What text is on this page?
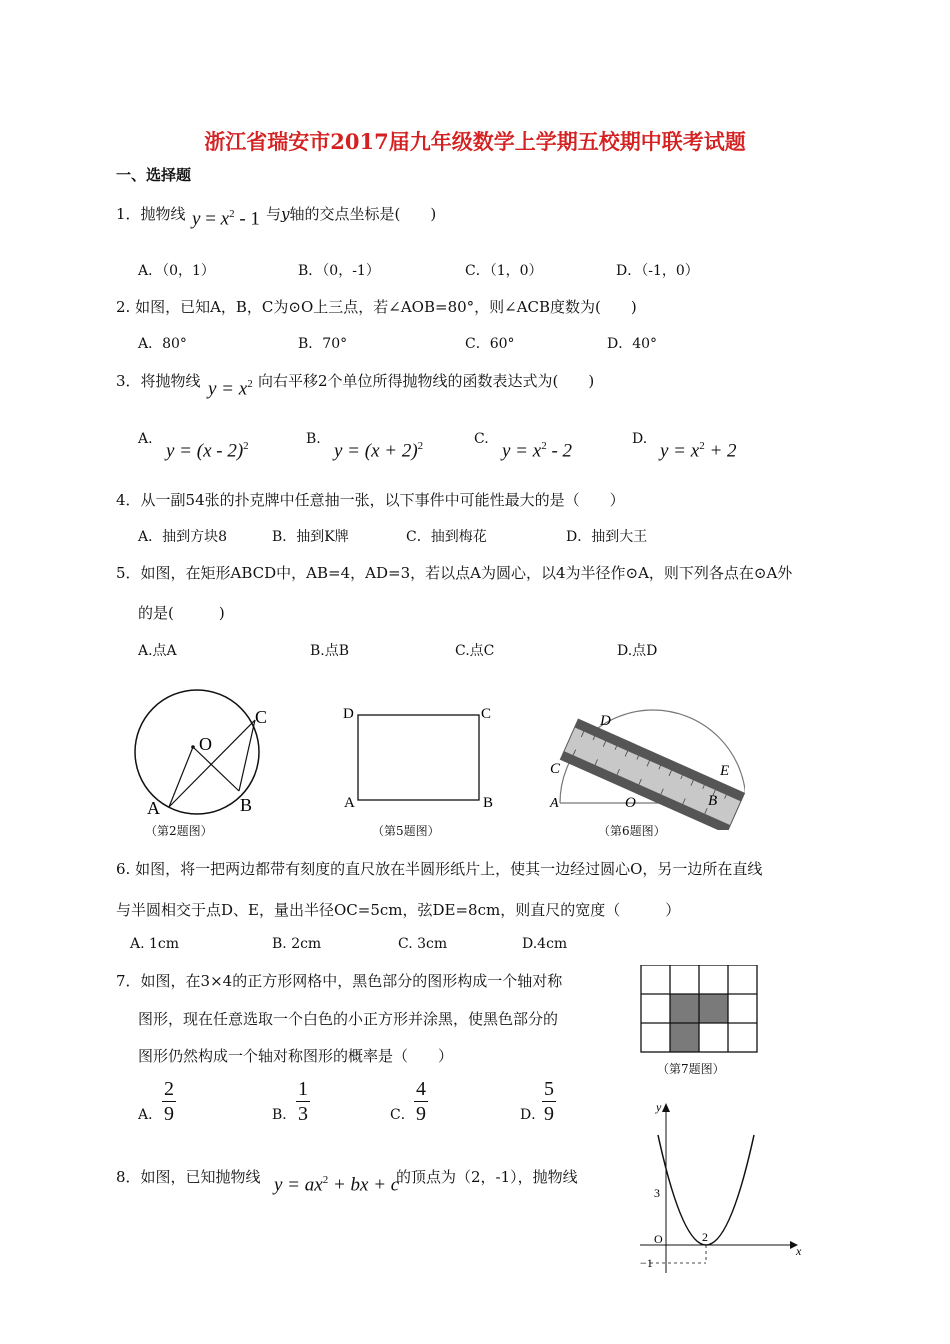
浙江省瑞安市2017届九年级数学上学期五校期中联考试题
一、选择题
1．抛物线 $y = x^2 - 1$ 与y轴的交点坐标是(　　)
A．（0，1）	B．（0，-1）	C．（1，0）	D．（-1，0）
2. 如图，已知A，B，C为⊙O上三点，若∠AOB=80°，则∠ACB度数为(　　)
A．80°	B．70°	C．60°	D．40°
3．将抛物线 $y = x^2$ 向右平移2个单位所得抛物线的函数表达式为(　　)
A.
y = (x - 2)$^2$	B.
$y = (x + 2)^2$	C.
$y = x^2 - 2$
D.
$y = x^2 + 2$
4．从一副54张的扑克牌中任意抽一张，以下事件中可能性最大的是（　　）
A．抽到方块8	B．抽到K牌	C．抽到梅花	D．抽到大王
5．如图，在矩形ABCD中，AB=4，AD=3，若以点A为圆心，以4为半径作⊙A，则下列各点在⊙A外
的是(　　　)
A.点A	B.点B	C.点C	D.点D
C
O
A	B
（第2题图）
D	C
A	B
（第5题图）
D
C
A	O	B
E
（第6题图）
6. 如图，将一把两边都带有刻度的直尺放在半圆形纸片上，使其一边经过圆心O，另一边所在直线
与半圆相交于点D、E，量出半径OC=5cm，弦DE=8cm，则直尺的宽度（　　　）
A. 1cm	B. 2cm	C. 3cm	D.4cm
7．如图，在3×4的正方形网格中，黑色部分的图形构成一个轴对称
图形，现在任意选取一个白色的小正方形并涂黑，使黑色部分的
图形仍然构成一个轴对称图形的概率是（　　）
（第7题图）
A． $\frac{2}{9}$	B． $\frac{1}{3}$	C． $\frac{4}{9}$	D．
$\frac{5}{9}$
8．如图，已知抛物线 $y = ax^2$ + bx + c
的顶点为（2，-1），抛物线
y
x
3
O	2
−1
